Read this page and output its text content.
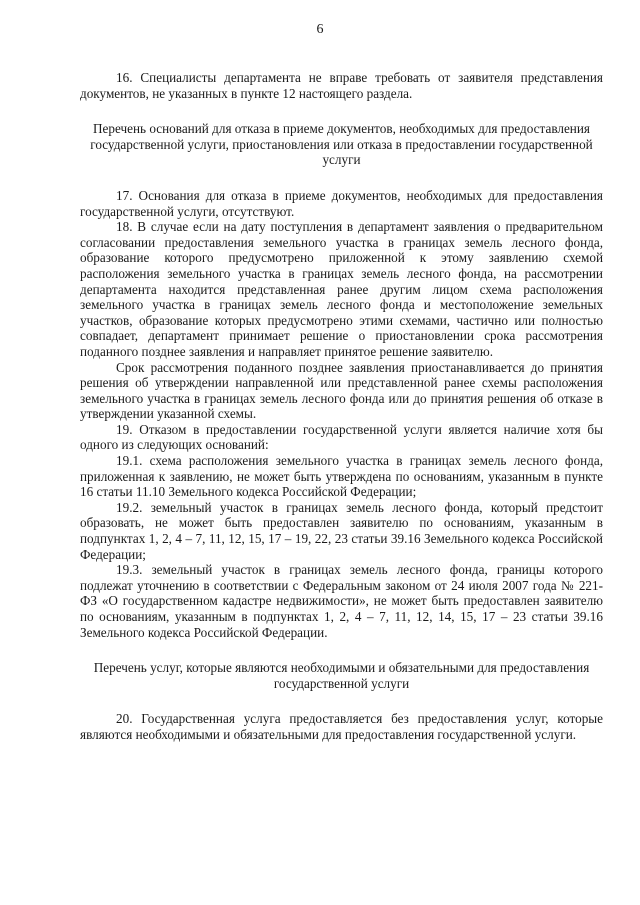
6

16. Специалисты департамента не вправе требовать от заявителя представления документов, не указанных в пункте 12 настоящего раздела.

Перечень оснований для отказа в приеме документов, необходимых для предоставления государственной услуги, приостановления или отказа в предоставлении государственной услуги

17. Основания для отказа в приеме документов, необходимых для предоставления государственной услуги, отсутствуют.

18. В случае если на дату поступления в департамент заявления о предварительном согласовании предоставления земельного участка в границах земель лесного фонда, образование которого предусмотрено приложенной к этому заявлению схемой расположения земельного участка в границах земель лесного фонда, на рассмотрении департамента находится представленная ранее другим лицом схема расположения земельного участка в границах земель лесного фонда и местоположение земельных участков, образование которых предусмотрено этими схемами, частично или полностью совпадает, департамент принимает решение о приостановлении срока рассмотрения поданного позднее заявления и направляет принятое решение заявителю.

Срок рассмотрения поданного позднее заявления приостанавливается до принятия решения об утверждении направленной или представленной ранее схемы расположения земельного участка в границах земель лесного фонда или до принятия решения об отказе в утверждении указанной схемы.

19. Отказом в предоставлении государственной услуги является наличие хотя бы одного из следующих оснований:

19.1. схема расположения земельного участка в границах земель лесного фонда, приложенная к заявлению, не может быть утверждена по основаниям, указанным в пункте 16 статьи 11.10 Земельного кодекса Российской Федерации;

19.2. земельный участок в границах земель лесного фонда, который предстоит образовать, не может быть предоставлен заявителю по основаниям, указанным в подпунктах 1, 2, 4 – 7, 11, 12, 15, 17 – 19, 22, 23 статьи 39.16 Земельного кодекса Российской Федерации;

19.3. земельный участок в границах земель лесного фонда, границы которого подлежат уточнению в соответствии с Федеральным законом от 24 июля 2007 года № 221-ФЗ «О государственном кадастре недвижимости», не может быть предоставлен заявителю по основаниям, указанным в подпунктах 1, 2, 4 – 7, 11, 12, 14, 15, 17 – 23 статьи 39.16 Земельного кодекса Российской Федерации.

Перечень услуг, которые являются необходимыми и обязательными для предоставления государственной услуги

20. Государственная услуга предоставляется без предоставления услуг, которые являются необходимыми и обязательными для предоставления государственной услуги.
